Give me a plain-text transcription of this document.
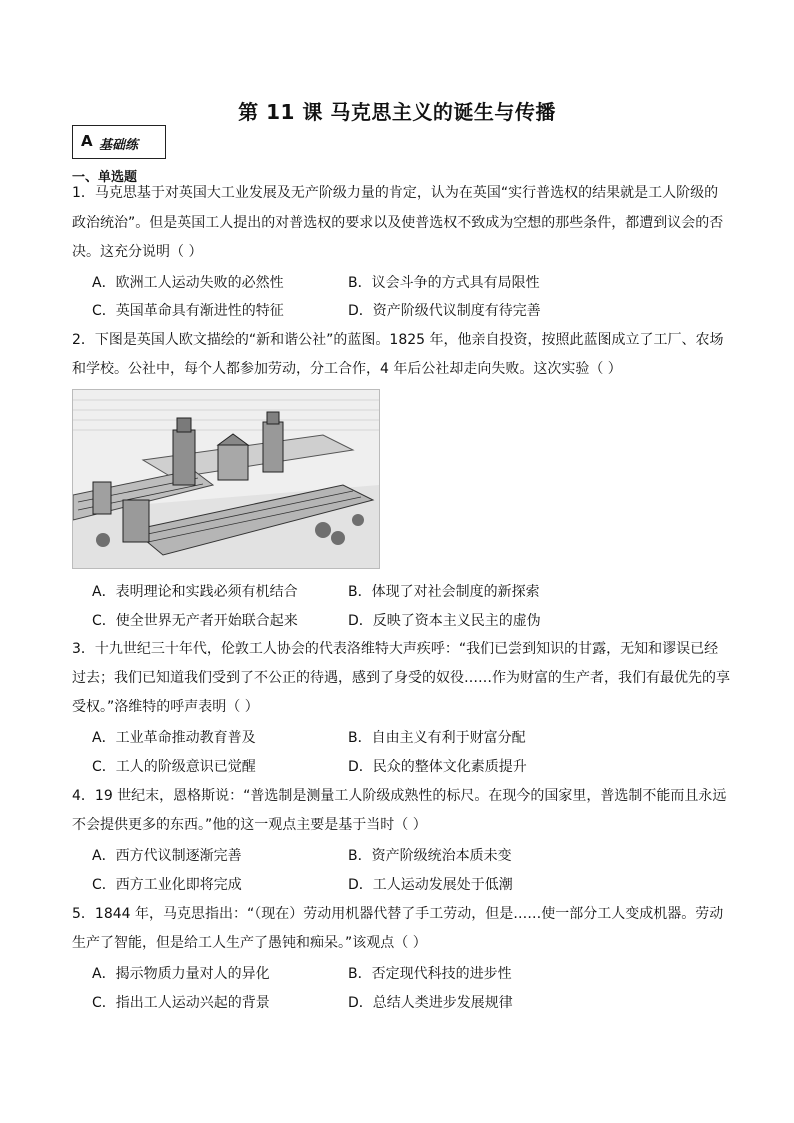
第 11 课 马克思主义的诞生与传播
A 基础练
一、单选题
1．马克思基于对英国大工业发展及无产阶级力量的肯定，认为在英国“实行普选权的结果就是工人阶级的
政治统治”。但是英国工人提出的对普选权的要求以及使普选权不致成为空想的那些条件，都遭到议会的否
决。这充分说明（ ）
A．欧洲工人运动失败的必然性	B．议会斗争的方式具有局限性
C．英国革命具有渐进性的特征	D．资产阶级代议制度有待完善
2．下图是英国人欧文描绘的“新和谐公社”的蓝图。1825 年，他亲自投资，按照此蓝图成立了工厂、农场
和学校。公社中，每个人都参加劳动，分工合作，4 年后公社却走向失败。这次实验（ ）
A．表明理论和实践必须有机结合	B．体现了对社会制度的新探索
C．使全世界无产者开始联合起来	D．反映了资本主义民主的虚伪
3．十九世纪三十年代，伦敦工人协会的代表洛维特大声疾呼：“我们已尝到知识的甘露，无知和谬误已经
过去；我们已知道我们受到了不公正的待遇，感到了身受的奴役……作为财富的生产者，我们有最优先的享
受权。”洛维特的呼声表明（ ）
A．工业革命推动教育普及	B．自由主义有利于财富分配
C．工人的阶级意识已觉醒	D．民众的整体文化素质提升
4．19 世纪末，恩格斯说：“普选制是测量工人阶级成熟性的标尺。在现今的国家里，普选制不能而且永远
不会提供更多的东西。”他的这一观点主要是基于当时（ ）
A．西方代议制逐渐完善	B．资产阶级统治本质未变
C．西方工业化即将完成	D．工人运动发展处于低潮
5．1844 年，马克思指出：“（现在）劳动用机器代替了手工劳动，但是……使一部分工人变成机器。劳动
生产了智能，但是给工人生产了愚钝和痴呆。”该观点（ ）
A．揭示物质力量对人的异化	B．否定现代科技的进步性
C．指出工人运动兴起的背景	D．总结人类进步发展规律
